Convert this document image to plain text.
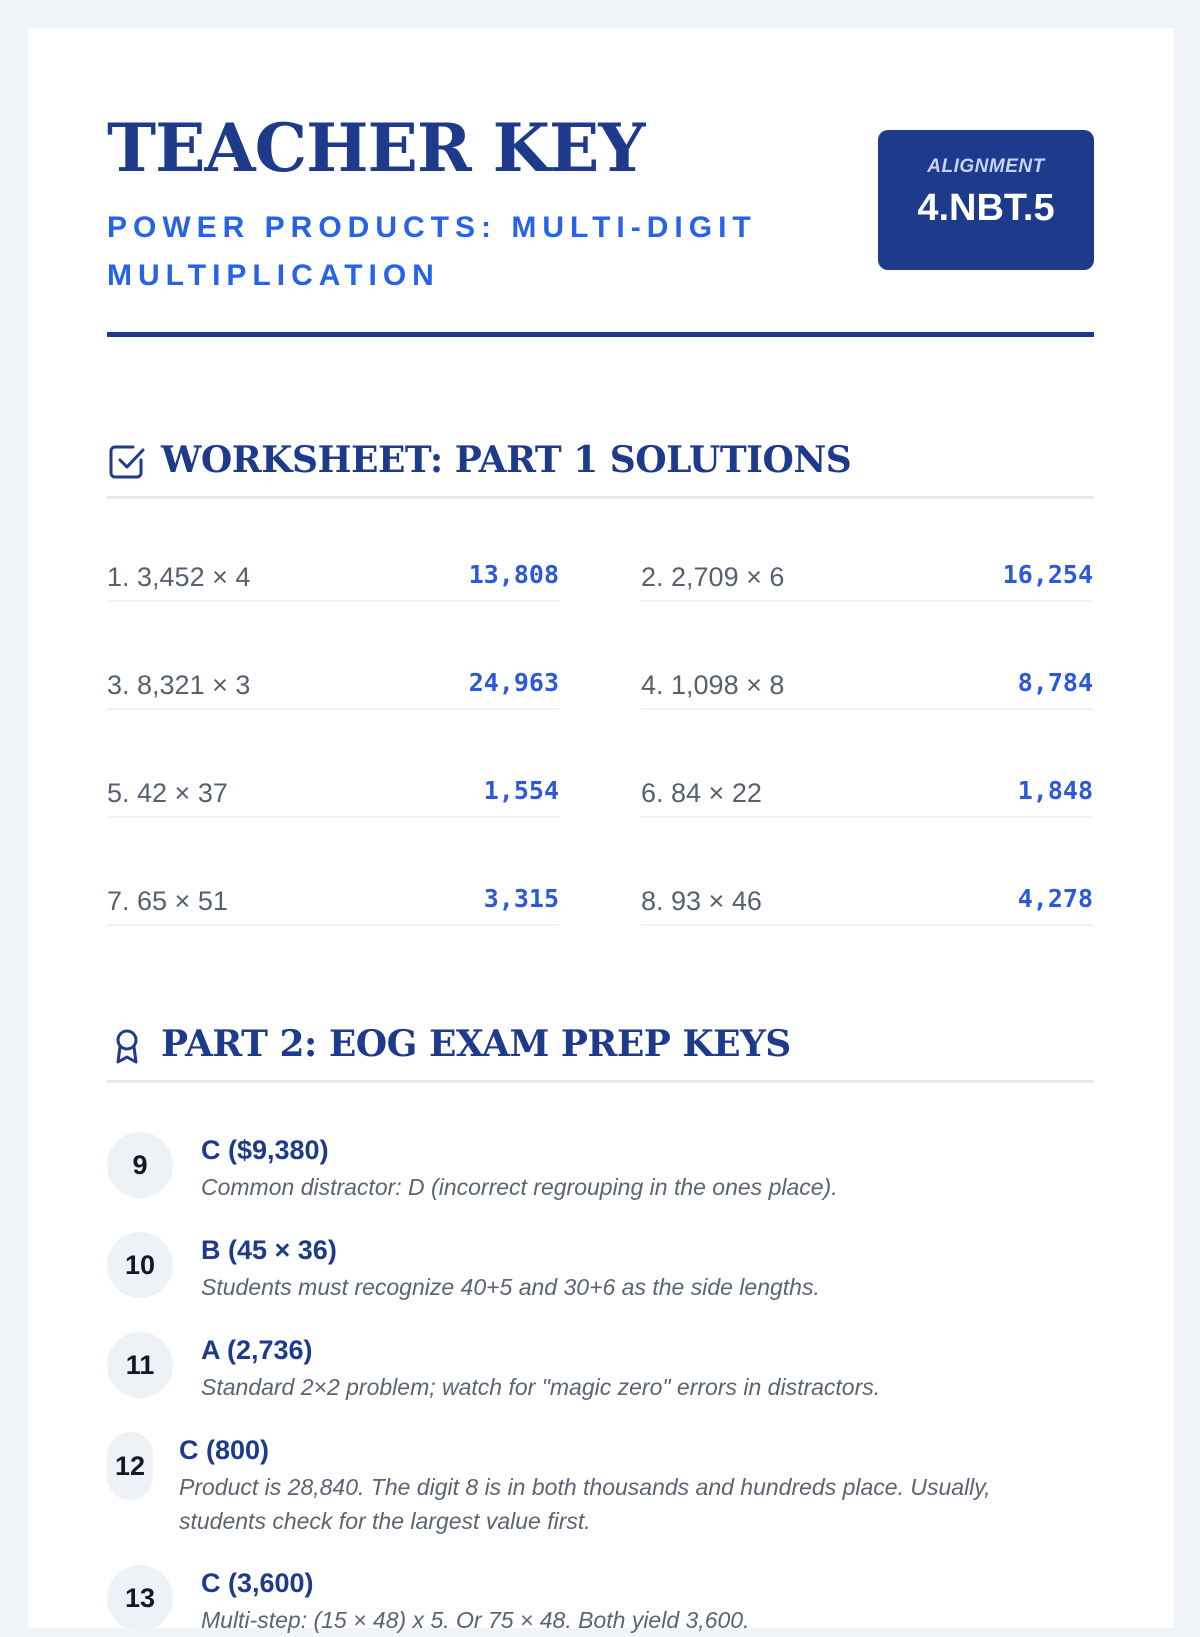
TEACHER KEY

POWER PRODUCTS: MULTI-DIGIT MULTIPLICATION

ALIGNMENT
4.NBT.5
WORKSHEET: PART 1 SOLUTIONS
1. 3,452 × 4	13,808	2. 2,709 × 6	16,254
3. 8,321 × 3	24,963	4. 1,098 × 8	8,784
5. 42 × 37	1,554	6. 84 × 22	1,848
7. 65 × 51	3,315	8. 93 × 46	4,278
PART 2: EOG EXAM PREP KEYS
9	C ($9,380)
Common distractor: D (incorrect regrouping in the ones place).
10	B (45 × 36)
Students must recognize 40+5 and 30+6 as the side lengths.
11	A (2,736)
Standard 2×2 problem; watch for "magic zero" errors in distractors.
12
C (800)
Product is 28,840. The digit 8 is in both thousands and hundreds place. Usually, students check for the largest value first.
13	C (3,600)
Multi-step: (15 × 48) x 5. Or 75 × 48. Both yield 3,600.
